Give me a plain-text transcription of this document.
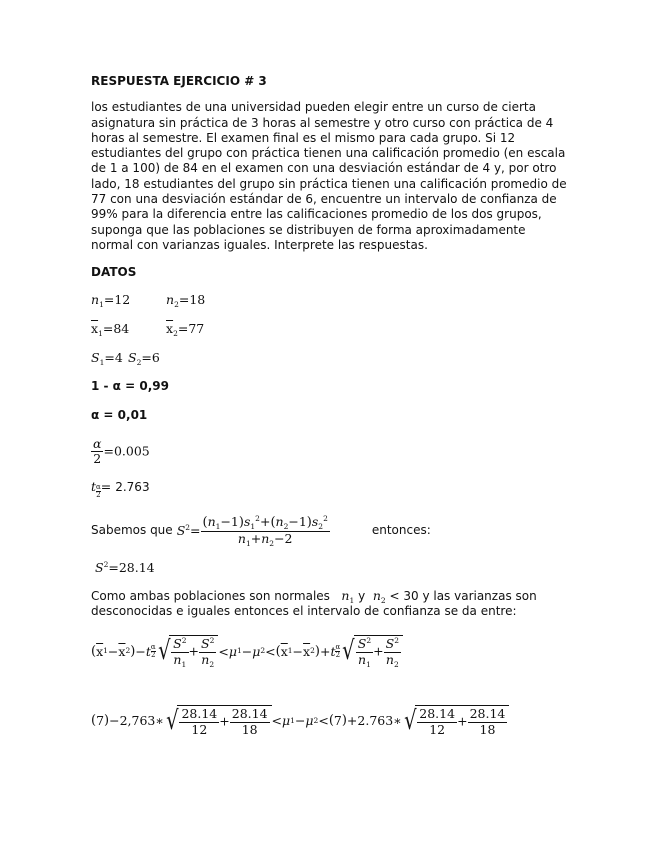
RESPUESTA EJERCICIO # 3
los estudiantes de una universidad pueden elegir entre un curso de cierta asignatura sin práctica de 3 horas al semestre y otro curso con práctica de 4 horas al semestre. El examen final es el mismo para cada grupo. Si 12 estudiantes del grupo con práctica tienen una calificación promedio (en escala de 1 a 100) de 84 en el examen con una desviación estándar de 4 y, por otro lado, 18 estudiantes del grupo sin práctica tienen una calificación promedio de 77 con una desviación estándar de 6, encuentre un intervalo de confianza de 99% para la diferencia entre las calificaciones promedio de los dos grupos, suponga que las poblaciones se distribuyen de forma aproximadamente normal con varianzas iguales. Interprete las respuestas.
DATOS
$n_1=12$	$n_2=18$
$\overline{x}_1=84$	$\overline{x}_2=77$
$S_1=4$ $S_2=6$
1 - α = 0,99
α = 0,01
$\frac{\alpha}{2} =0.005$
t $\frac{\alpha}{2} = 2.763$
Sabemos que $S^2= \frac{(n_1-1)s_1^2+(n_2-1)s_2^2}{n_1+n_2-2}$	entonces:
$S^2=28.14$
Como ambas poblaciones son normales $n_1$ y $n_2 < 30$ y las varianzas son desconocidas e iguales entonces el intervalo de confianza se da entre:
( $\overline{x}$ $1 - \overline{x}$ 2 ) − t α
2 √ $\frac{S^2}{n_1} + \frac{S^2}{n_2} < \mu$ 1 − μ 2 < ( $\overline{x}$ $1 - \overline{x}$ 2 ) + t α
2 √ $\frac{S^2}{n_1} + \frac{S^2}{n_2}$
( 7 ) − 2,763 ∗ √ $\frac{28.14}{12} + \frac{28.14}{18} < \mu$ 1 − μ 2 < ( 7 ) + 2.763 ∗ √ $\frac{28.14}{12} + \frac{28.14}{18}$
